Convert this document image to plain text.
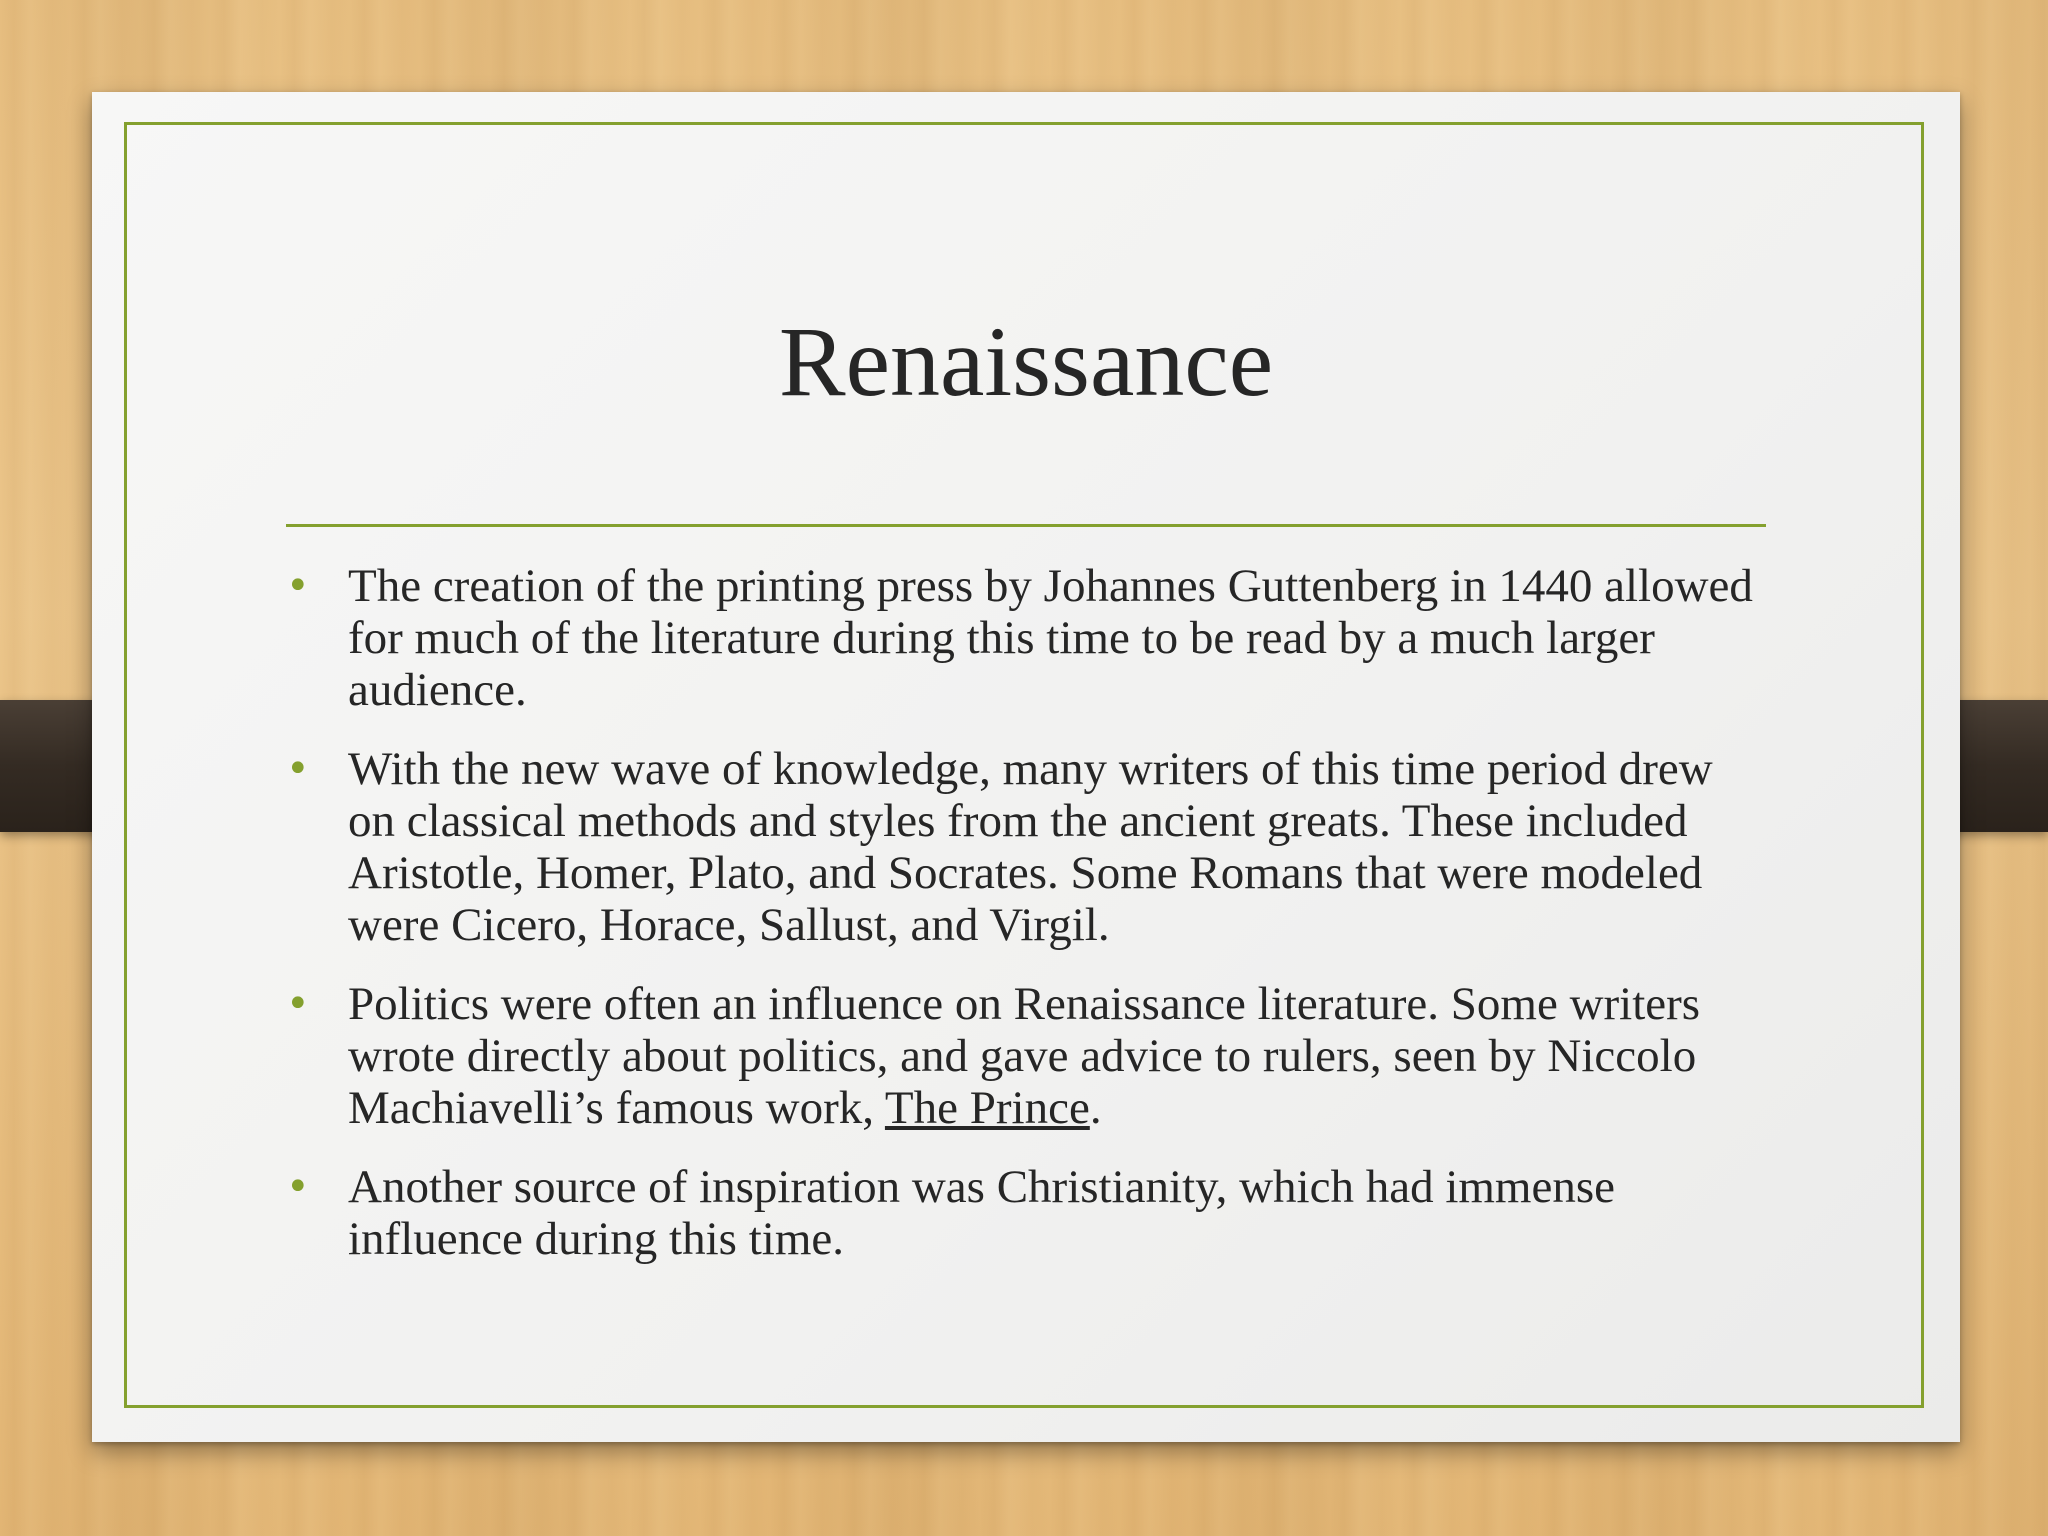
Renaissance
• The creation of the printing press by Johannes Guttenberg in 1440 allowed for much of the literature during this time to be read by a much larger audience.
• With the new wave of knowledge, many writers of this time period drew on classical methods and styles from the ancient greats. These included Aristotle, Homer, Plato, and Socrates. Some Romans that were modeled were Cicero, Horace, Sallust, and Virgil.
• Politics were often an influence on Renaissance literature. Some writers wrote directly about politics, and gave advice to rulers, seen by Niccolo Machiavelli’s famous work, The Prince.
• Another source of inspiration was Christianity, which had immense influence during this time.
